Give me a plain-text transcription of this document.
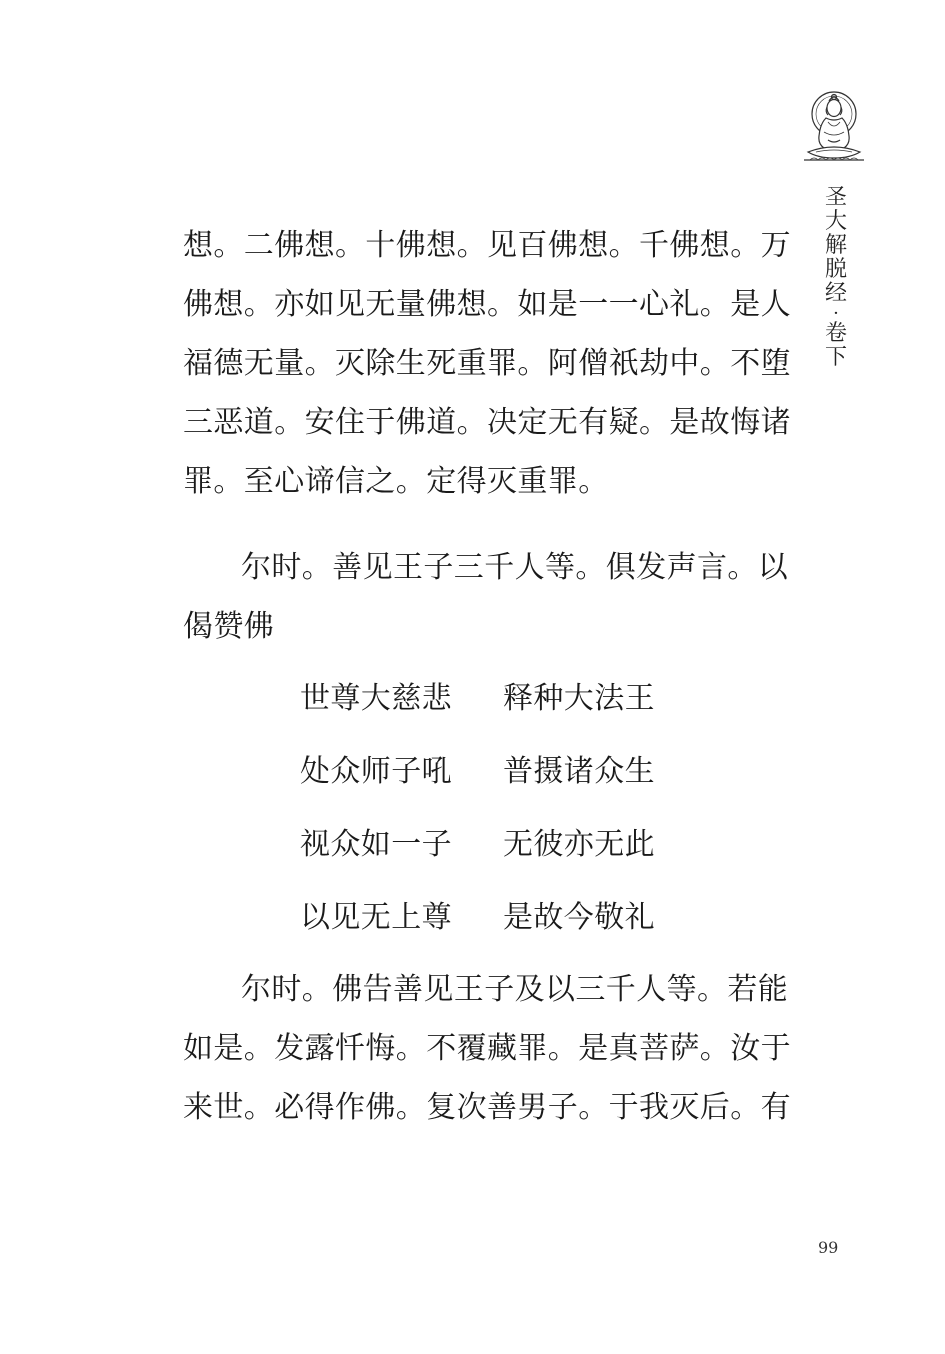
圣
大
解
脱
经
·
卷
下
想。二佛想。十佛想。见百佛想。千佛想。万
佛想。亦如见无量佛想。如是一一心礼。是人
福德无量。灭除生死重罪。阿僧祇劫中。不堕
三恶道。安住于佛道。决定无有疑。是故悔诸
罪。至心谛信之。定得灭重罪。
尔时。善见王子三千人等。俱发声言。以
偈赞佛
世尊大慈悲	释种大法王
处众师子吼	普摄诸众生
视众如一子	无彼亦无此
以见无上尊	是故今敬礼
尔时。佛告善见王子及以三千人等。若能
如是。发露忏悔。不覆藏罪。是真菩萨。汝于
来世。必得作佛。复次善男子。于我灭后。有
99
